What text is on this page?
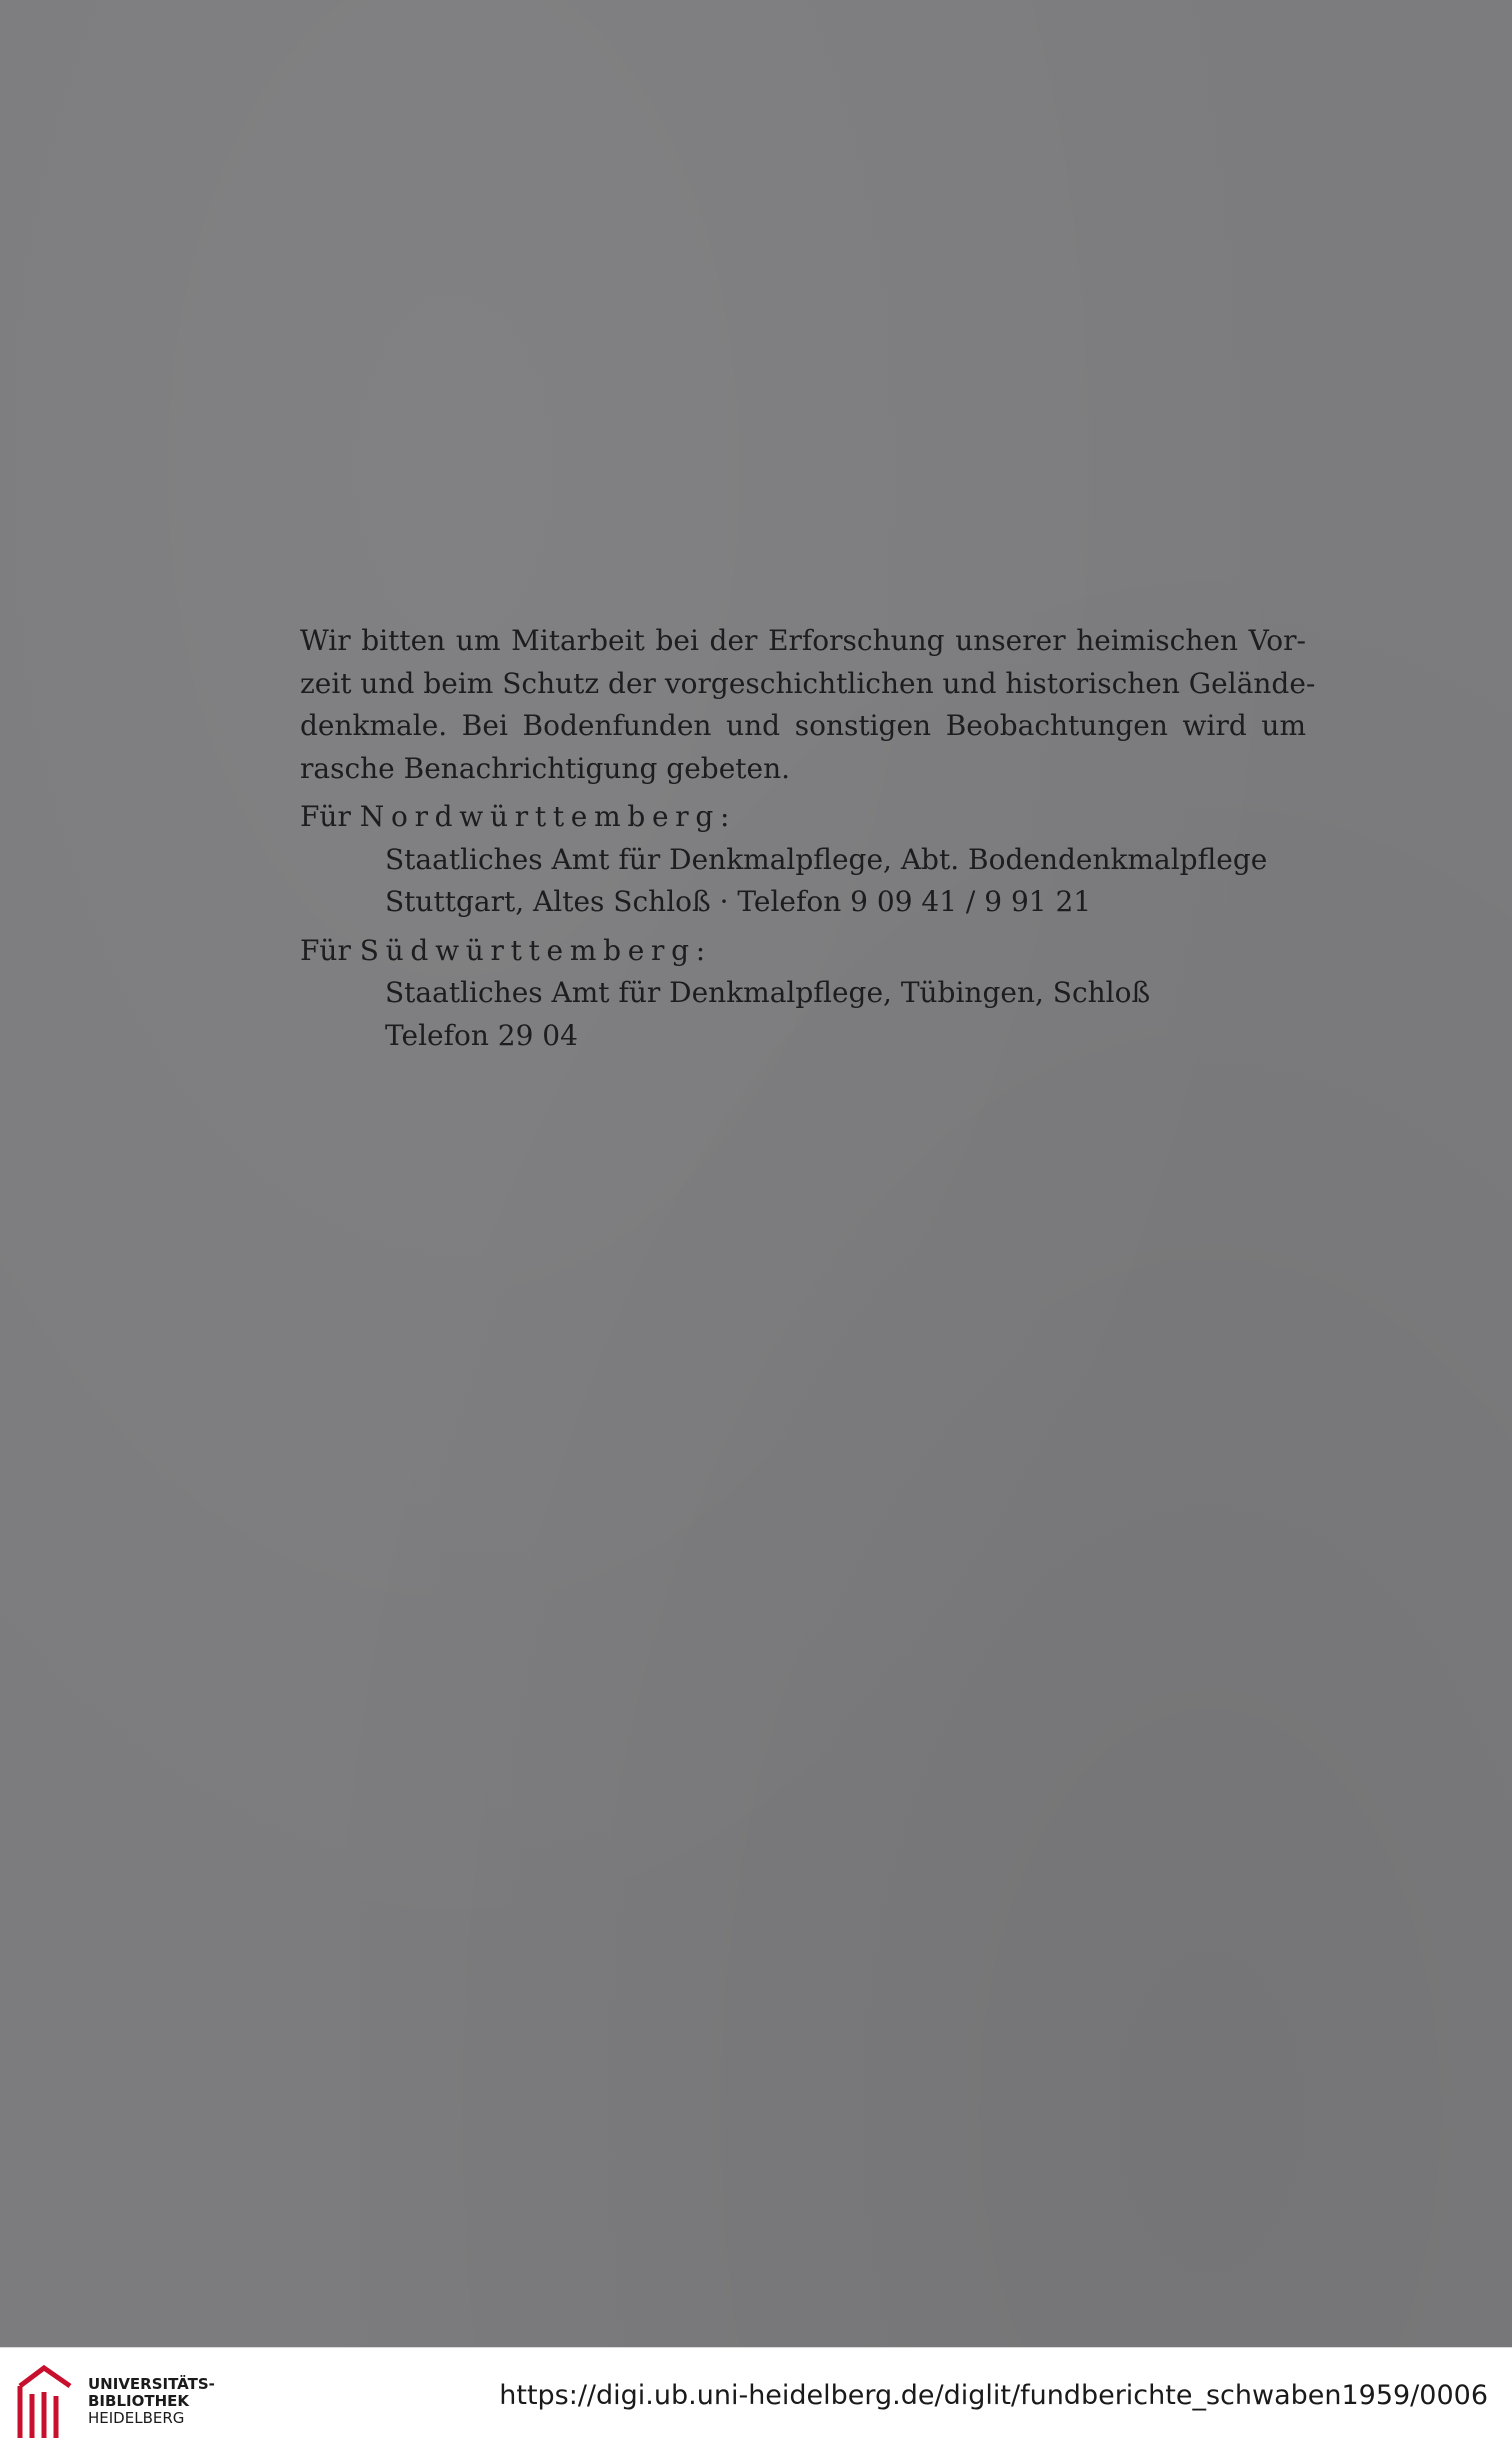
Wir bitten um Mitarbeit bei der Erforschung unserer heimischen Vor-

zeit und beim Schutz der vorgeschichtlichen und historischen Gelände-

denkmale. Bei Bodenfunden und sonstigen Beobachtungen wird um

rasche Benachrichtigung gebeten.

Für Nordwürttemberg:

Staatliches Amt für Denkmalpflege, Abt. Bodendenkmalpflege
Stuttgart, Altes Schloß · Telefon 9 09 41 / 9 91 21

Für Südwürttemberg:

Staatliches Amt für Denkmalpflege, Tübingen, Schloß
Telefon 29 04
UNIVERSITÄTS-
BIBLIOTHEK
HEIDELBERG
https://digi.ub.uni-heidelberg.de/diglit/fundberichte_schwaben1959/0006
